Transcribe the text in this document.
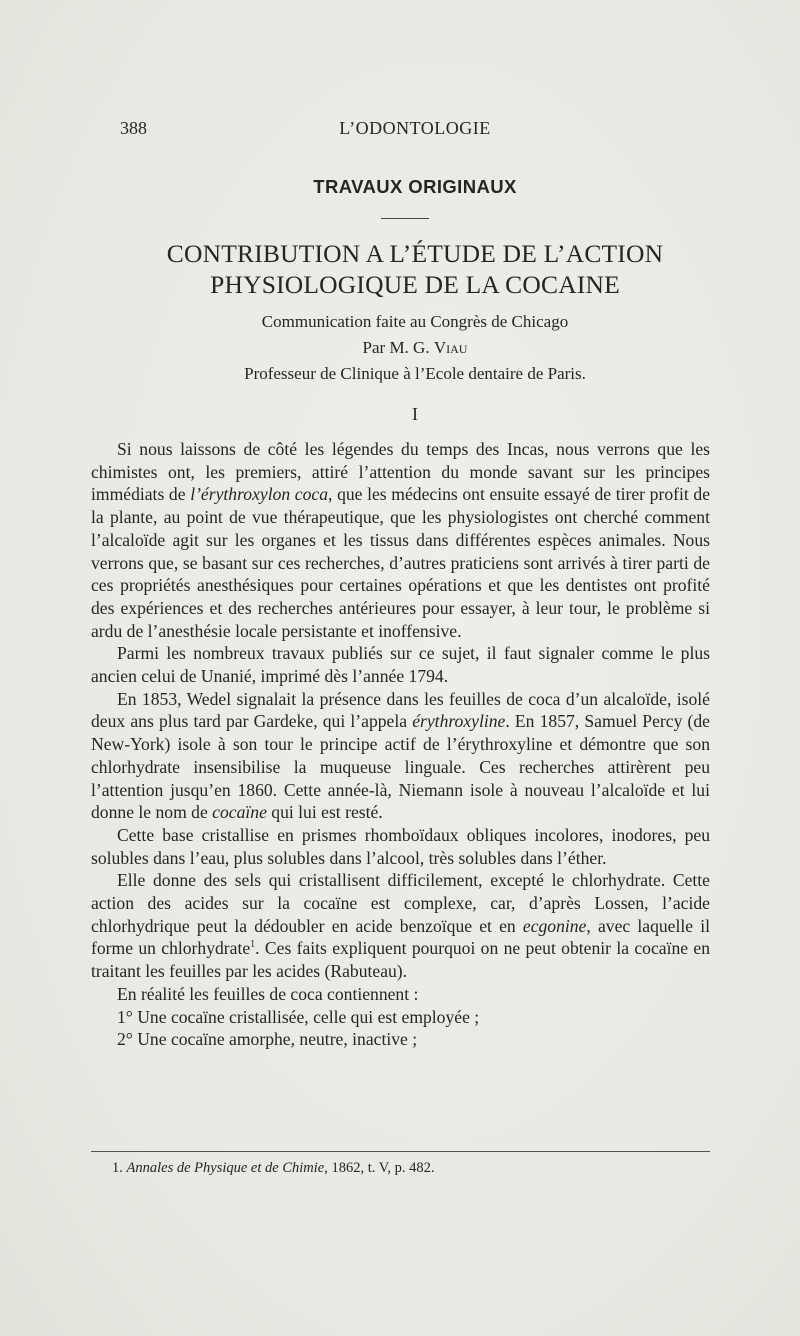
388	L’ODONTOLOGIE
TRAVAUX ORIGINAUX
CONTRIBUTION A L’ÉTUDE DE L’ACTION PHYSIOLOGIQUE DE LA COCAINE
Communication faite au Congrès de Chicago
Par M. G. Viau
Professeur de Clinique à l’Ecole dentaire de Paris.
I

Si nous laissons de côté les légendes du temps des Incas, nous verrons que les chimistes ont, les premiers, attiré l’attention du monde savant sur les principes immédiats de l’érythroxylon coca, que les médecins ont ensuite essayé de tirer profit de la plante, au point de vue thérapeutique, que les physiologistes ont cherché comment l’alcaloïde agit sur les organes et les tissus dans différentes espèces animales. Nous verrons que, se basant sur ces recherches, d’autres praticiens sont arrivés à tirer parti de ces propriétés anesthésiques pour certaines opérations et que les dentistes ont profité des expériences et des recherches antérieures pour essayer, à leur tour, le problème si ardu de l’anesthésie locale persistante et inoffensive.

Parmi les nombreux travaux publiés sur ce sujet, il faut signaler comme le plus ancien celui de Unanié, imprimé dès l’année 1794.

En 1853, Wedel signalait la présence dans les feuilles de coca d’un alcaloïde, isolé deux ans plus tard par Gardeke, qui l’appela érythroxyline. En 1857, Samuel Percy (de New-York) isole à son tour le principe actif de l’érythroxyline et démontre que son chlorhydrate insensibilise la muqueuse linguale. Ces recherches attirèrent peu l’attention jusqu’en 1860. Cette année-là, Niemann isole à nouveau l’alcaloïde et lui donne le nom de cocaïne qui lui est resté.

Cette base cristallise en prismes rhomboïdaux obliques incolores, inodores, peu solubles dans l’eau, plus solubles dans l’alcool, très solubles dans l’éther.

Elle donne des sels qui cristallisent difficilement, excepté le chlorhydrate. Cette action des acides sur la cocaïne est complexe, car, d’après Lossen, l’acide chlorhydrique peut la dédoubler en acide benzoïque et en ecgonine, avec laquelle il forme un chlorhydrate$^1$. Ces faits expliquent pourquoi on ne peut obtenir la cocaïne en traitant les feuilles par les acides (Rabuteau).

En réalité les feuilles de coca contiennent :

1° Une cocaïne cristallisée, celle qui est employée ;

2° Une cocaïne amorphe, neutre, inactive ;

1. Annales de Physique et de Chimie, 1862, t. V, p. 482.
